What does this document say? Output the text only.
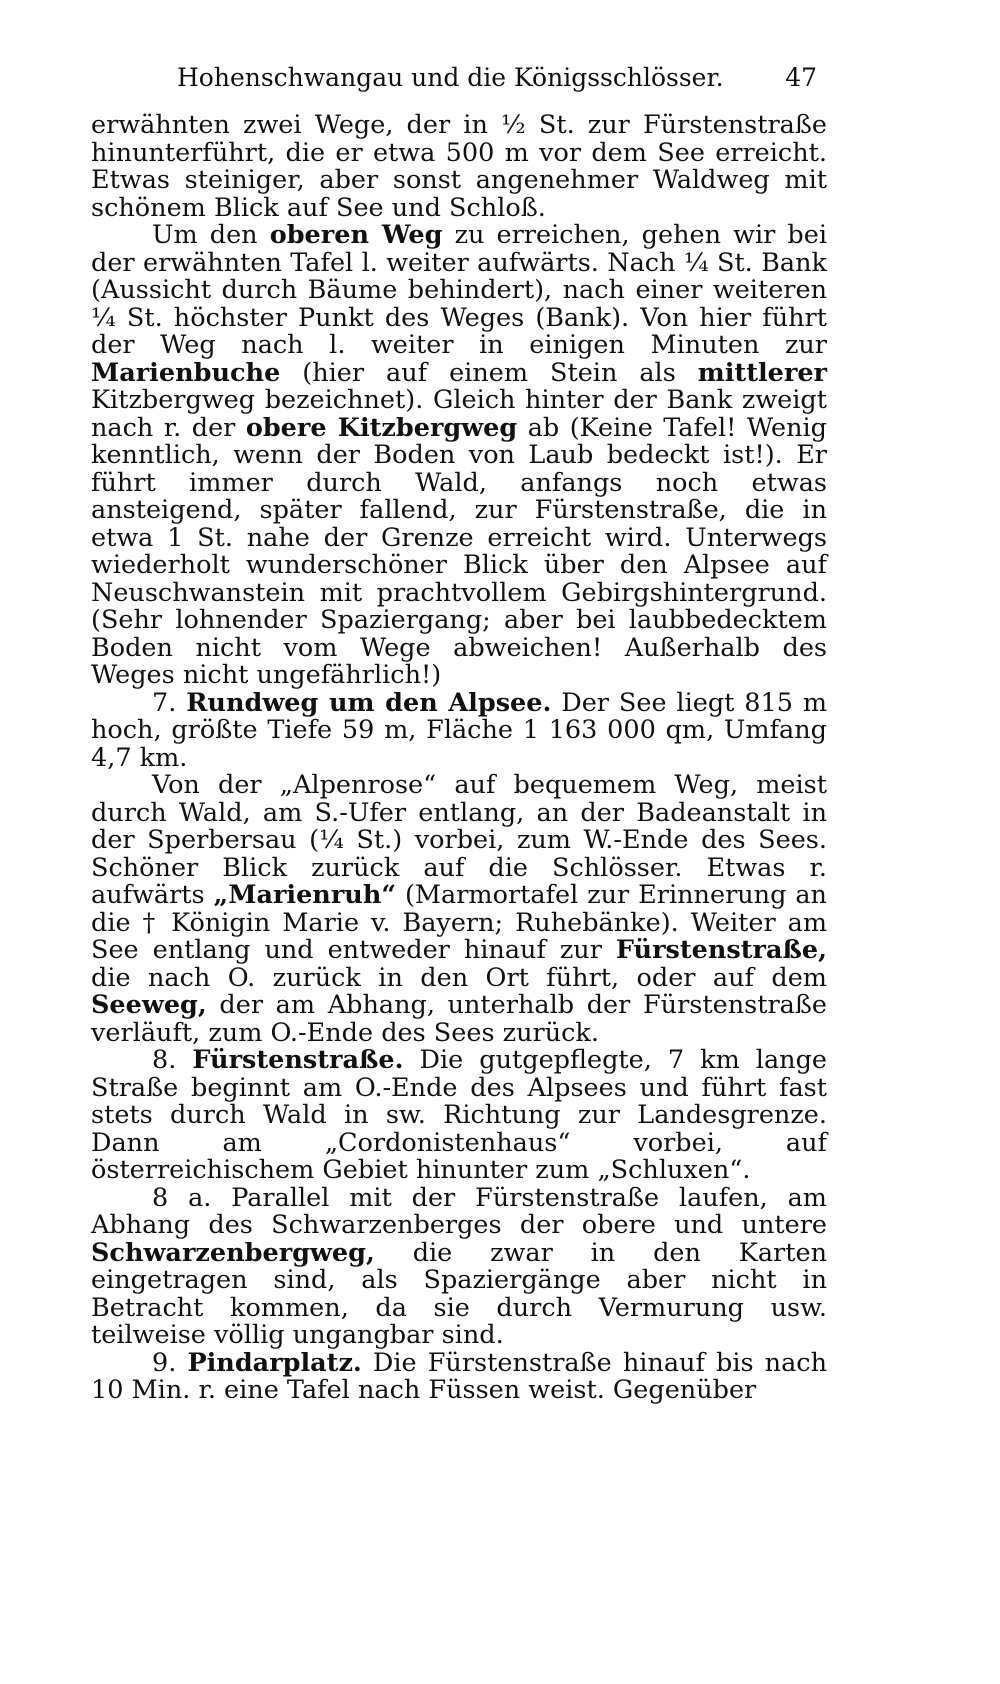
Hohenschwangau und die Königsschlösser. 47

erwähnten zwei Wege, der in ½ St. zur Fürstenstraße hinunterführt, die er etwa 500 m vor dem See erreicht. Etwas steiniger, aber sonst angenehmer Waldweg mit schönem Blick auf See und Schloß.

Um den oberen Weg zu erreichen, gehen wir bei der erwähnten Tafel l. weiter aufwärts. Nach ¼ St. Bank (Aussicht durch Bäume behindert), nach einer weiteren ¼ St. höchster Punkt des Weges (Bank). Von hier führt der Weg nach l. weiter in einigen Minuten zur Marienbuche (hier auf einem Stein als mittlerer Kitzbergweg bezeichnet). Gleich hinter der Bank zweigt nach r. der obere Kitzbergweg ab (Keine Tafel! Wenig kenntlich, wenn der Boden von Laub bedeckt ist!). Er führt immer durch Wald, anfangs noch etwas ansteigend, später fallend, zur Fürstenstraße, die in etwa 1 St. nahe der Grenze erreicht wird. Unterwegs wiederholt wunderschöner Blick über den Alpsee auf Neuschwanstein mit prachtvollem Gebirgshintergrund. (Sehr lohnender Spaziergang; aber bei laubbedecktem Boden nicht vom Wege abweichen! Außerhalb des Weges nicht ungefährlich!)

7. Rundweg um den Alpsee. Der See liegt 815 m hoch, größte Tiefe 59 m, Fläche 1 163 000 qm, Umfang 4,7 km.

Von der „Alpenrose“ auf bequemem Weg, meist durch Wald, am S.-Ufer entlang, an der Badeanstalt in der Sperbersau (¼ St.) vorbei, zum W.-Ende des Sees. Schöner Blick zurück auf die Schlösser. Etwas r. aufwärts „Marienruh“ (Marmortafel zur Erinnerung an die † Königin Marie v. Bayern; Ruhebänke). Weiter am See entlang und entweder hinauf zur Fürstenstraße, die nach O. zurück in den Ort führt, oder auf dem Seeweg, der am Abhang, unterhalb der Fürstenstraße verläuft, zum O.-Ende des Sees zurück.

8. Fürstenstraße. Die gutgepflegte, 7 km lange Straße beginnt am O.-Ende des Alpsees und führt fast stets durch Wald in sw. Richtung zur Landesgrenze. Dann am „Cordonistenhaus“ vorbei, auf österreichischem Gebiet hinunter zum „Schluxen“.

8 a. Parallel mit der Fürstenstraße laufen, am Abhang des Schwarzenberges der obere und untere Schwarzenbergweg, die zwar in den Karten eingetragen sind, als Spaziergänge aber nicht in Betracht kommen, da sie durch Vermurung usw. teilweise völlig ungangbar sind.

9. Pindarplatz. Die Fürstenstraße hinauf bis nach 10 Min. r. eine Tafel nach Füssen weist. Gegenüber
